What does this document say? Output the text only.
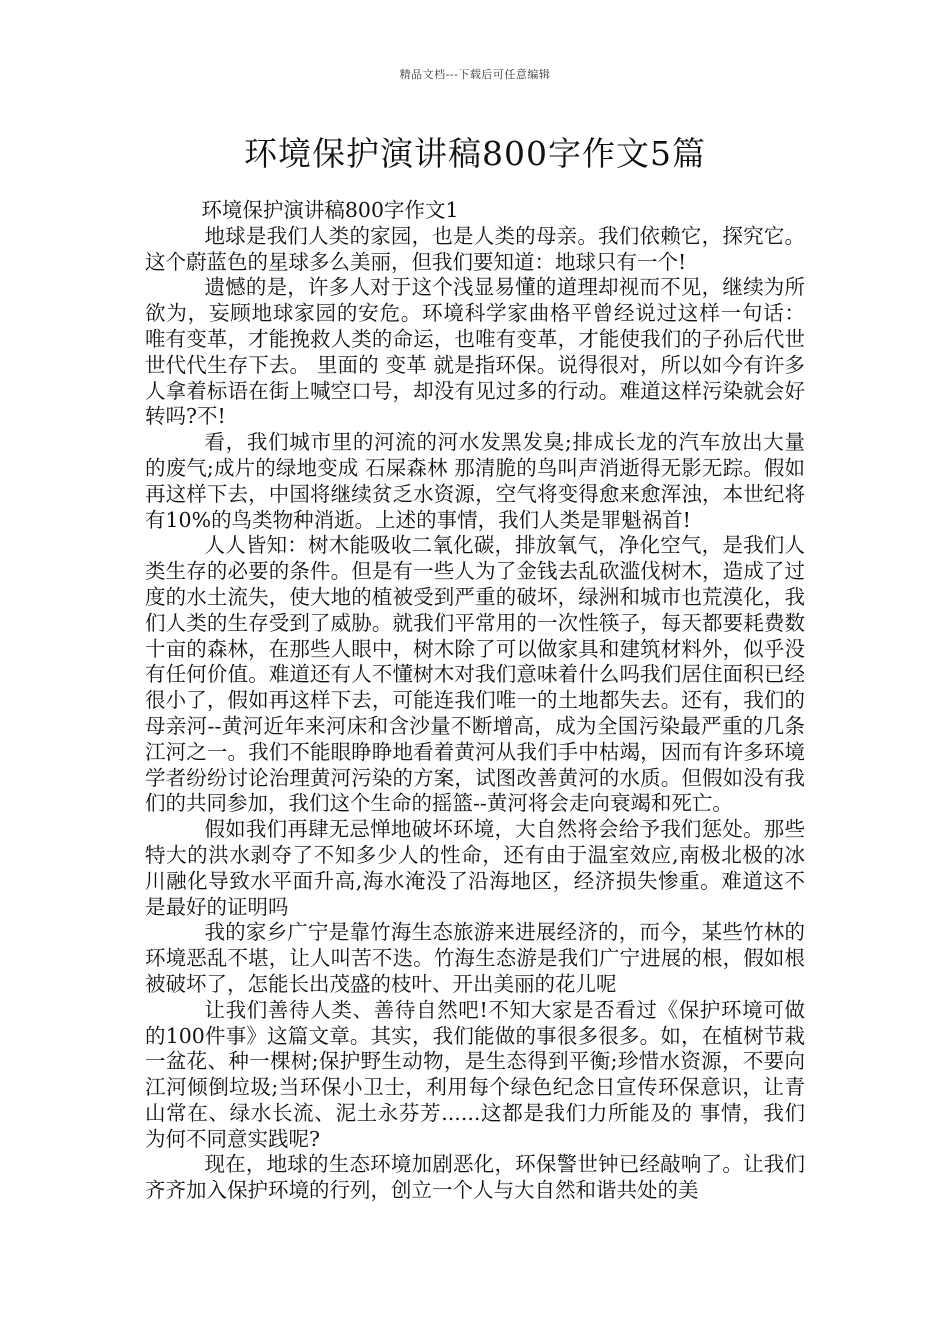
精品文档---下载后可任意编辑
环境保护演讲稿800字作文5篇

环境保护演讲稿800字作文1

地球是我们人类的家园，也是人类的母亲。我们依赖它，探究它。这个蔚蓝色的星球多么美丽，但我们要知道：地球只有一个!

遗憾的是，许多人对于这个浅显易懂的道理却视而不见，继续为所欲为，妄顾地球家园的安危。环境科学家曲格平曾经说过这样一句话： 唯有变革，才能挽救人类的命运，也唯有变革，才能使我们的子孙后代世世代代生存下去。 里面的 变革 就是指环保。说得很对，所以如今有许多人拿着标语在街上喊空口号，却没有见过多的行动。难道这样污染就会好转吗?不!

看，我们城市里的河流的河水发黑发臭;排成长龙的汽车放出大量的废气;成片的绿地变成 石屎森林 那清脆的鸟叫声消逝得无影无踪。假如再这样下去，中国将继续贫乏水资源，空气将变得愈来愈浑浊，本世纪将有10%的鸟类物种消逝。上述的事情，我们人类是罪魁祸首!

人人皆知：树木能吸收二氧化碳，排放氧气，净化空气，是我们人类生存的必要的条件。但是有一些人为了金钱去乱砍滥伐树木，造成了过度的水土流失，使大地的植被受到严重的破坏，绿洲和城市也荒漠化，我们人类的生存受到了威胁。就我们平常用的一次性筷子，每天都要耗费数十亩的森林，在那些人眼中，树木除了可以做家具和建筑材料外，似乎没有任何价值。难道还有人不懂树木对我们意味着什么吗我们居住面积已经很小了，假如再这样下去，可能连我们唯一的土地都失去。还有，我们的母亲河--黄河近年来河床和含沙量不断增高，成为全国污染最严重的几条江河之一。我们不能眼睁睁地看着黄河从我们手中枯竭，因而有许多环境学者纷纷讨论治理黄河污染的方案，试图改善黄河的水质。但假如没有我们的共同参加，我们这个生命的摇篮--黄河将会走向衰竭和死亡。

假如我们再肆无忌惮地破坏环境，大自然将会给予我们惩处。那些特大的洪水剥夺了不知多少人的性命，还有由于温室效应,南极北极的冰川融化导致水平面升高,海水淹没了沿海地区，经济损失惨重。难道这不是最好的证明吗

我的家乡广宁是靠竹海生态旅游来进展经济的，而今，某些竹林的环境恶乱不堪，让人叫苦不迭。竹海生态游是我们广宁进展的根，假如根被破坏了，怎能长出茂盛的枝叶、开出美丽的花儿呢

让我们善待人类、善待自然吧!不知大家是否看过《保护环境可做的100件事》这篇文章。其实，我们能做的事很多很多。如，在植树节栽一盆花、种一棵树;保护野生动物，是生态得到平衡;珍惜水资源，不要向江河倾倒垃圾;当环保小卫士，利用每个绿色纪念日宣传环保意识，让青山常在、绿水长流、泥土永芬芳......这都是我们力所能及的 事情，我们为何不同意实践呢?

现在，地球的生态环境加剧恶化，环保警世钟已经敲响了。让我们齐齐加入保护环境的行列，创立一个人与大自然和谐共处的美
